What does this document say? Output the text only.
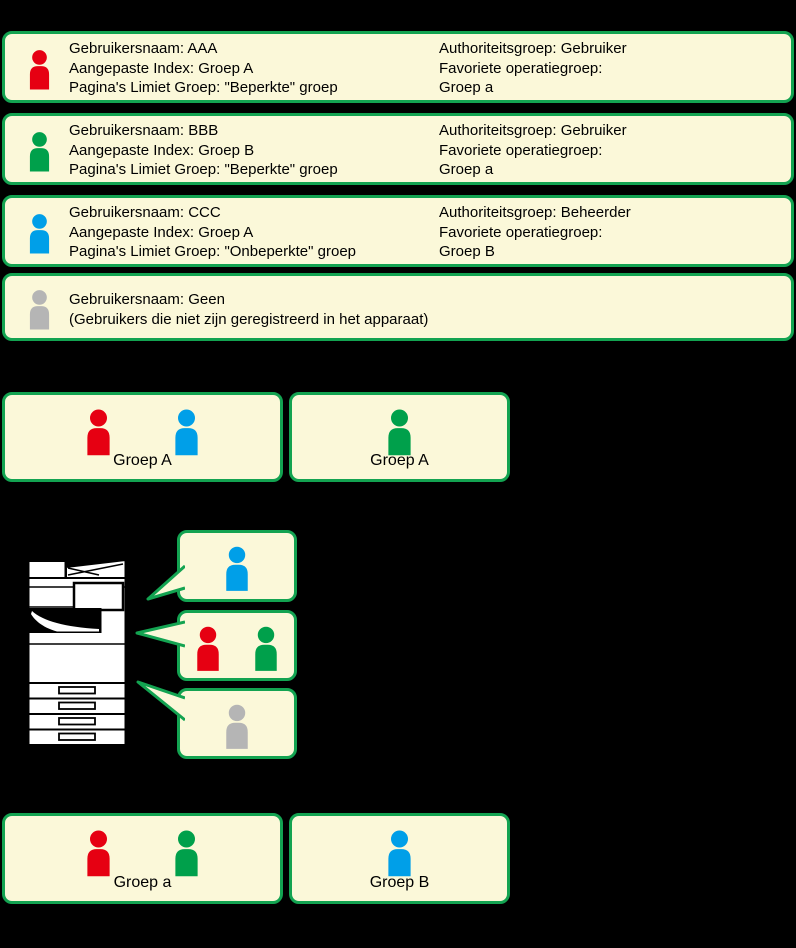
Gebruikersnaam: AAA
Aangepaste Index: Groep A
Pagina's Limiet Groep: "Beperkte" groep
Authoriteitsgroep: Gebruiker
Favoriete operatiegroep:
Groep a
Gebruikersnaam: BBB
Aangepaste Index: Groep B
Pagina's Limiet Groep: "Beperkte" groep
Authoriteitsgroep: Gebruiker
Favoriete operatiegroep:
Groep a
Gebruikersnaam: CCC
Aangepaste Index: Groep A
Pagina's Limiet Groep: "Onbeperkte" groep
Authoriteitsgroep: Beheerder
Favoriete operatiegroep:
Groep B
Gebruikersnaam: Geen
(Gebruikers die niet zijn geregistreerd in het apparaat)
Groep A	Groep A
Groep a	Groep B
